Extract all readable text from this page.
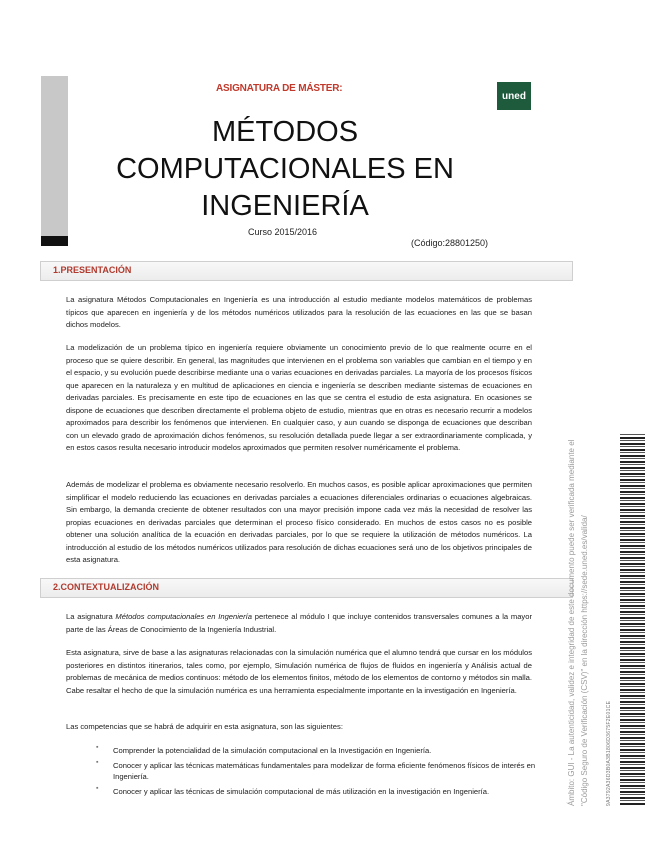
ASIGNATURA DE MÁSTER:
uned
MÉTODOS
COMPUTACIONALES EN
INGENIERÍA
Curso 2015/2016
(Código:28801250)
1.PRESENTACIÓN

La asignatura Métodos Computacionales en Ingeniería es una introducción al estudio mediante modelos matemáticos de problemas típicos que aparecen en ingeniería y de los métodos numéricos utilizados para la resolución de las ecuaciones en las que se basan dichos modelos.

La modelización de un problema típico en ingeniería requiere obviamente un conocimiento previo de lo que realmente ocurre en el proceso que se quiere describir. En general, las magnitudes que intervienen en el problema son variables que cambian en el tiempo y en el espacio, y su evolución puede describirse mediante una o varias ecuaciones en derivadas parciales. La mayoría de los procesos físicos que aparecen en la naturaleza y en multitud de aplicaciones en ciencia e ingeniería se describen mediante sistemas de ecuaciones en derivadas parciales. Es precisamente en este tipo de ecuaciones en las que se centra el estudio de esta asignatura. En ocasiones se dispone de ecuaciones que describen directamente el problema objeto de estudio, mientras que en otras es necesario recurrir a modelos aproximados para describir los fenómenos que intervienen. En cualquier caso, y aun cuando se disponga de ecuaciones que describan con un elevado grado de aproximación dichos fenómenos, su resolución detallada puede llegar a ser extraordinariamente complicada, y en estos casos resulta necesario introducir modelos aproximados que permiten resolver numéricamente el problema.

Además de modelizar el problema es obviamente necesario resolverlo. En muchos casos, es posible aplicar aproximaciones que permiten simplificar el modelo reduciendo las ecuaciones en derivadas parciales a ecuaciones diferenciales ordinarias o ecuaciones algebraicas. Sin embargo, la demanda creciente de obtener resultados con una mayor precisión impone cada vez más la necesidad de resolver las propias ecuaciones en derivadas parciales que determinan el proceso físico considerado. En muchos de estos casos no es posible obtener una solución analítica de la ecuación en derivadas parciales, por lo que se requiere la utilización de métodos numéricos. La introducción al estudio de los métodos numéricos utilizados para resolución de dichas ecuaciones será uno de los objetivos principales de esta asignatura.

2.CONTEXTUALIZACIÓN

La asignatura Métodos computacionales en Ingeniería pertenece al módulo I que incluye contenidos transversales comunes a la mayor parte de las Áreas de Conocimiento de la Ingeniería Industrial.

Esta asignatura, sirve de base a las asignaturas relacionadas con la simulación numérica que el alumno tendrá que cursar en los módulos posteriores en distintos itinerarios, tales como, por ejemplo, Simulación numérica de flujos de fluidos en ingeniería y Análisis actual de problemas de mecánica de medios continuos: método de los elementos finitos, método de los elementos de contorno y métodos sin malla. Cabe resaltar el hecho de que la simulación numérica es una herramienta especialmente importante en la investigación en Ingeniería.

Las competencias que se habrá de adquirir en esta asignatura, son las siguientes:

▪ Comprender la potencialidad de la simulación computacional en la Investigación en Ingeniería.
▪ Conocer y aplicar las técnicas matemáticas fundamentales para modelizar de forma eficiente fenómenos físicos de interés en Ingeniería.
▪ Conocer y aplicar las técnicas de simulación computacional de más utilización en la investigación en Ingeniería.	Ámbito: GUI - La autenticidad, validez e integridad de este documento puede ser verificada mediante el "Código Seguro de Verificación (CSV)" en la dirección https://sede.uned.es/valida/	9A3792A36D3B0A3B1806D3675F2E01CE
